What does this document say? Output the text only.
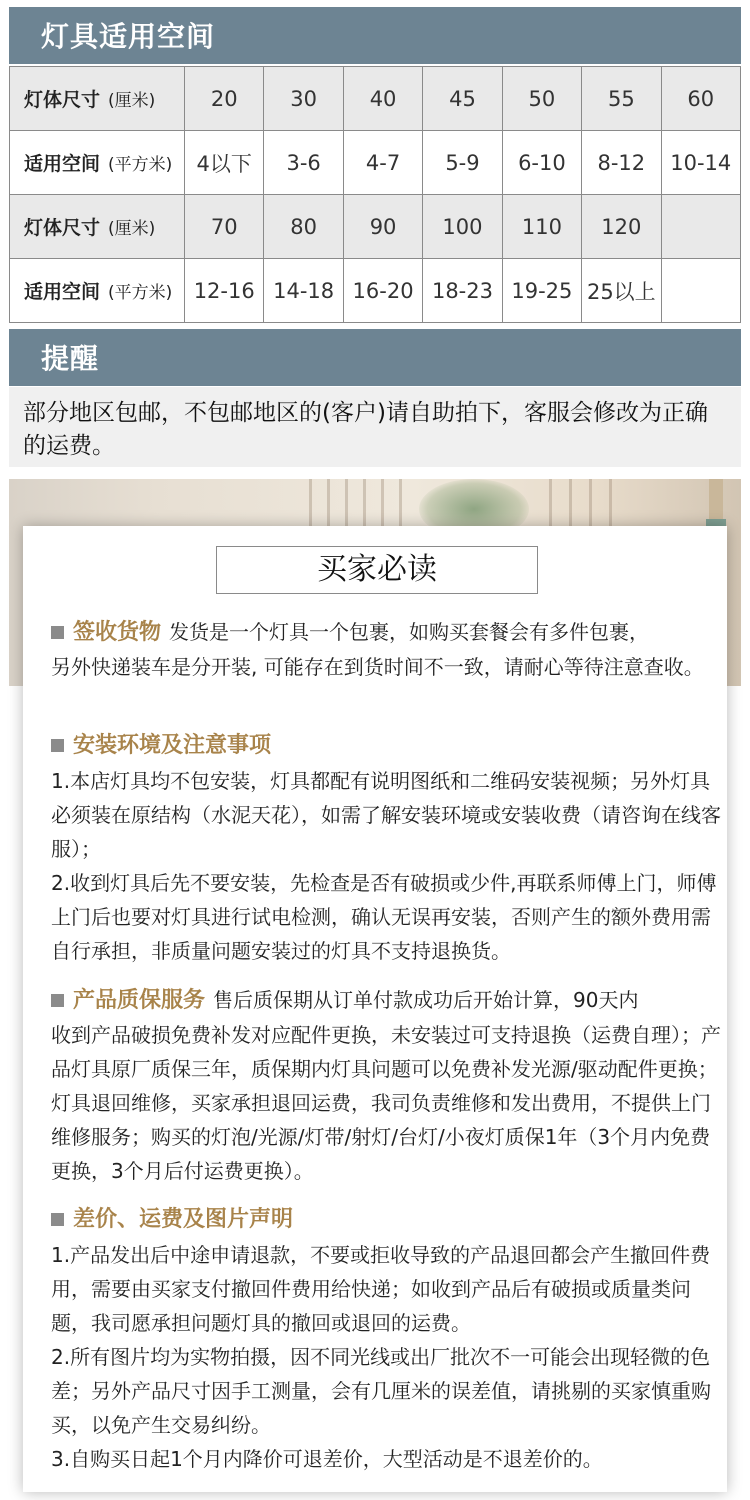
灯具适用空间
灯体尺寸 (厘米)	20	30	40	45	50	55	60
适用空间 (平方米)	4以下	3-6	4-7	5-9	6-10	8-12	10-14
灯体尺寸 (厘米)	70	80	90	100	110	120	
适用空间 (平方米)	12-16	14-18	16-20	18-23	19-25	25以上	
提醒
部分地区包邮，不包邮地区的(客户)请自助拍下，客服会修改为正确的运费。
买家必读
签收货物 发货是一个灯具一个包裹，如购买套餐会有多件包裹，
另外快递装车是分开装, 可能存在到货时间不一致，请耐心等待注意查收。
安装环境及注意事项
1.本店灯具均不包安装，灯具都配有说明图纸和二维码安装视频；另外灯具必须装在原结构（水泥天花），如需了解安装环境或安装收费（请咨询在线客服）；
2.收到灯具后先不要安装，先检查是否有破损或少件,再联系师傅上门，师傅上门后也要对灯具进行试电检测，确认无误再安装，否则产生的额外费用需自行承担，非质量问题安装过的灯具不支持退换货。
产品质保服务 售后质保期从订单付款成功后开始计算，90天内
收到产品破损免费补发对应配件更换，未安装过可支持退换（运费自理）；产品灯具原厂质保三年，质保期内灯具问题可以免费补发光源/驱动配件更换；灯具退回维修，买家承担退回运费，我司负责维修和发出费用，不提供上门维修服务；购买的灯泡/光源/灯带/射灯/台灯/小夜灯质保1年（3个月内免费更换，3个月后付运费更换）。
差价、运费及图片声明
1.产品发出后中途申请退款，不要或拒收导致的产品退回都会产生撤回件费用，需要由买家支付撤回件费用给快递；如收到产品后有破损或质量类问题，我司愿承担问题灯具的撤回或退回的运费。
2.所有图片均为实物拍摄，因不同光线或出厂批次不一可能会出现轻微的色差；另外产品尺寸因手工测量，会有几厘米的误差值，请挑剔的买家慎重购买，以免产生交易纠纷。
3.自购买日起1个月内降价可退差价，大型活动是不退差价的。
